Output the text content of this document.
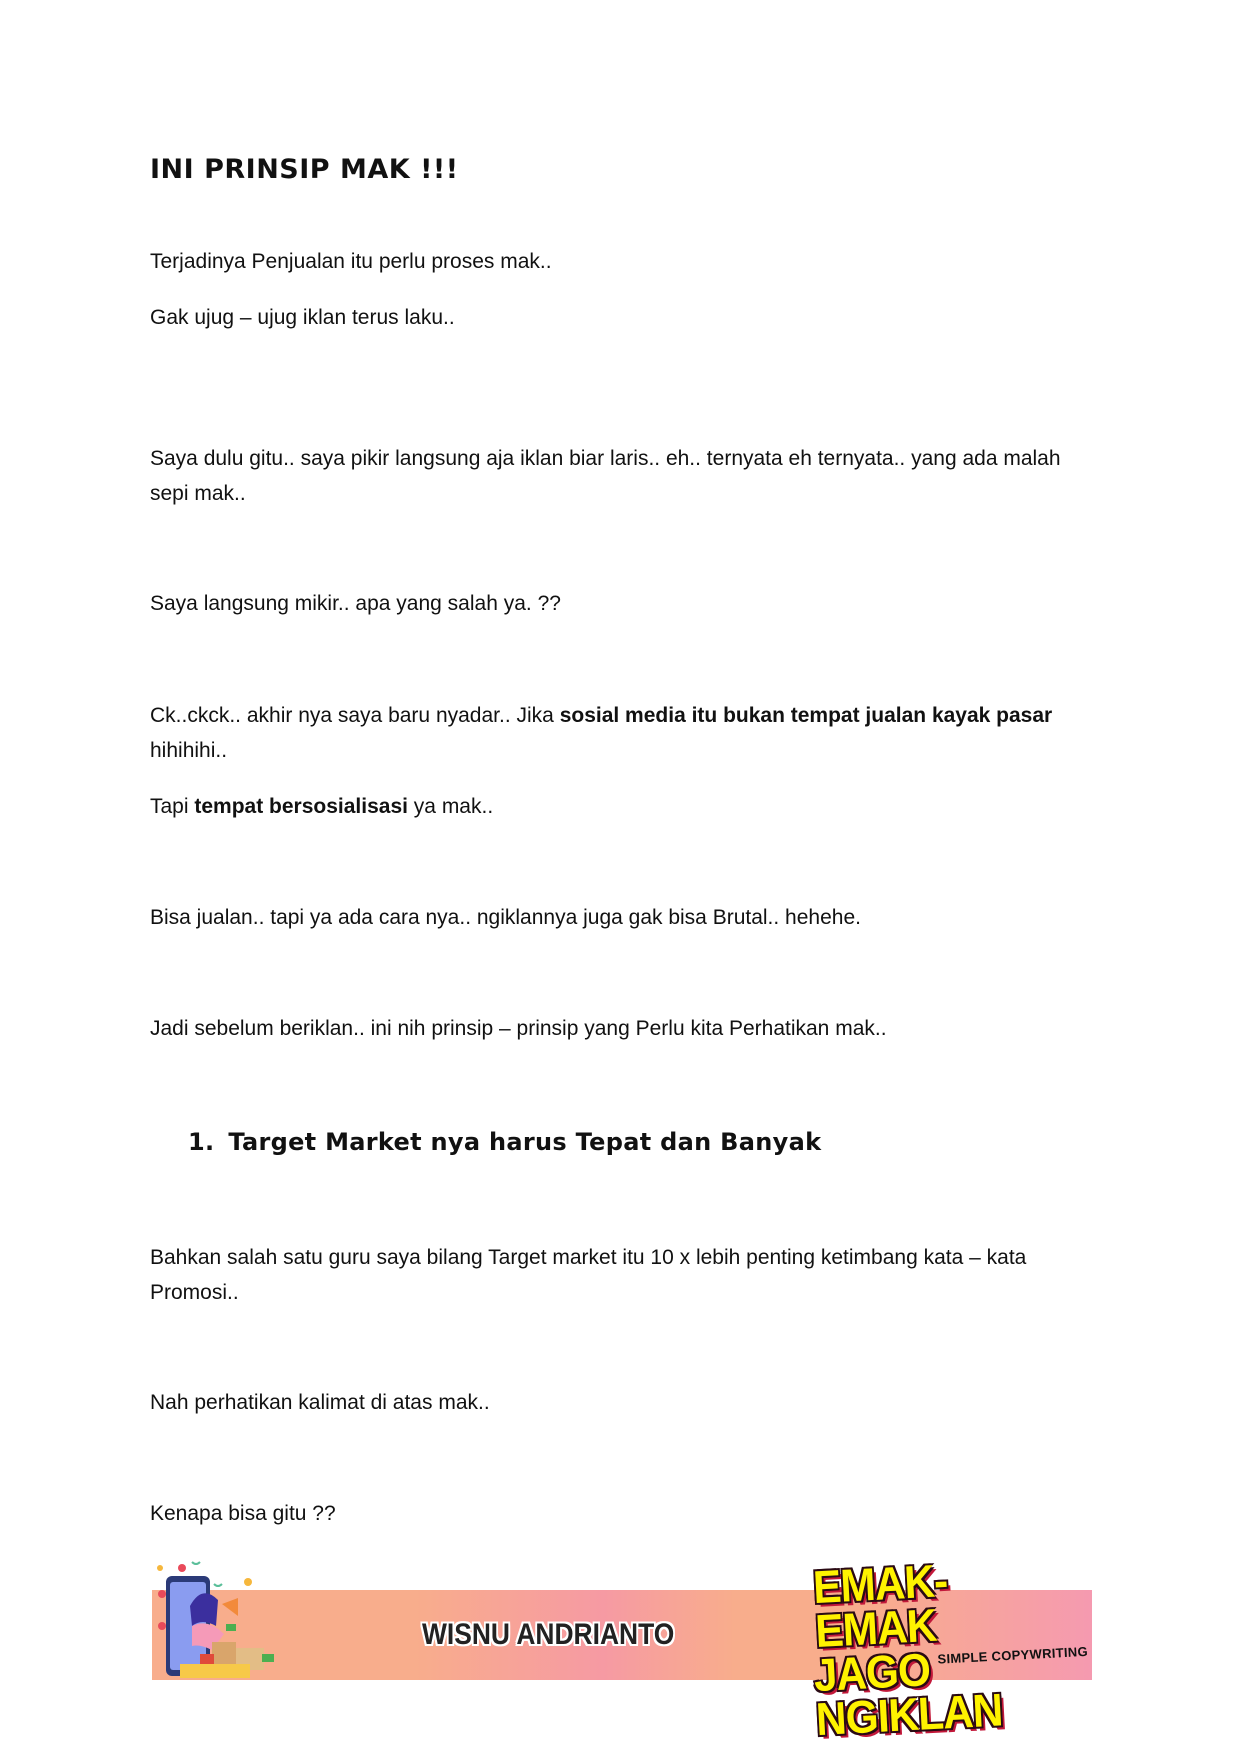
INI PRINSIP MAK !!!

Terjadinya Penjualan itu perlu proses mak..

Gak ujug – ujug iklan terus laku..

Saya dulu gitu.. saya pikir langsung aja iklan biar laris.. eh.. ternyata eh ternyata.. yang ada malah sepi mak..

Saya langsung mikir.. apa yang salah ya. ??

Ck..ckck.. akhir nya saya baru nyadar.. Jika sosial media itu bukan tempat jualan kayak pasar hihihihi..

Tapi tempat bersosialisasi ya mak..

Bisa jualan.. tapi ya ada cara nya.. ngiklannya juga gak bisa Brutal.. hehehe.

Jadi sebelum beriklan.. ini nih prinsip – prinsip yang Perlu kita Perhatikan mak..

1. Target Market nya harus Tepat dan Banyak

Bahkan salah satu guru saya bilang Target market itu 10 x lebih penting ketimbang kata – kata Promosi..

Nah perhatikan kalimat di atas mak..

Kenapa bisa gitu ??

WISNU ANDRIANTO
EMAK-EMAK
JAGO NGIKLAN
SIMPLE COPYWRITING
